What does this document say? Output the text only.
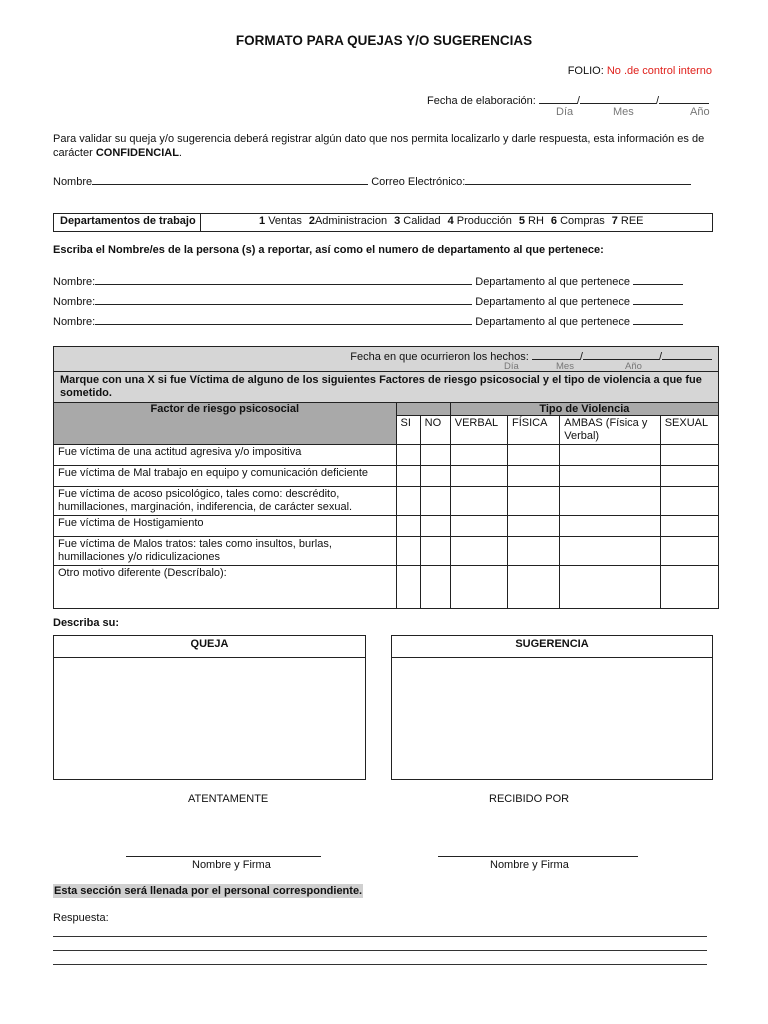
FORMATO PARA QUEJAS Y/O SUGERENCIAS
FOLIO: No .de control interno
Fecha de elaboración:	/	/
Día	Mes	Año
Para validar su queja y/o sugerencia deberá registrar algún dato que nos permita localizarlo y darle respuesta, esta información es de carácter CONFIDENCIAL.
Nombre	Correo Electrónico:
Departamentos de trabajo	1 Ventas 2Administracion 3 Calidad 4 Producción 5 RH 6 Compras 7 REE
Escriba el Nombre/es de la persona (s) a reportar, así como el numero de departamento al que pertenece:
Nombre:	Departamento al que pertenece
Nombre:	Departamento al que pertenece
Nombre:	Departamento al que pertenece
Fecha en que ocurrieron los hechos: / /
Día Mes Año						

Marque con una X si fue Víctima de alguno de los siguientes Factores de riesgo psicosocial y el tipo de violencia a que fue sometido.						
Factor de riesgo psicosocial			Tipo de Violencia			
	SI	NO	VERBAL	FÍSICA	AMBAS (Física y Verbal)	SEXUAL
Fue víctima de una actitud agresiva y/o impositiva						
Fue víctima de Mal trabajo en equipo y comunicación deficiente						
Fue víctima de acoso psicológico, tales como: descrédito, humillaciones, marginación, indiferencia, de carácter sexual.						
Fue víctima de Hostigamiento						
Fue víctima de Malos tratos: tales como insultos, burlas, humillaciones y/o ridiculizaciones						
Otro motivo diferente (Descríbalo):						
Describa su:
QUEJA	SUGERENCIA
ATENTAMENTE	RECIBIDO POR
Nombre y Firma	Nombre y Firma
Esta sección será llenada por el personal correspondiente.
Respuesta:
